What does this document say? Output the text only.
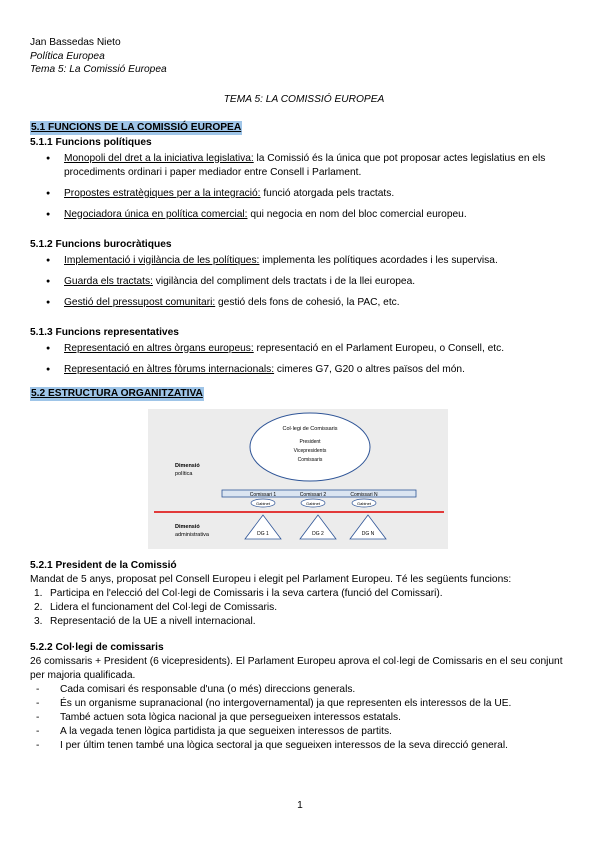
Jan Bassedas Nieto
Política Europea
Tema 5: La Comissió Europea
TEMA 5: LA COMISSIÓ EUROPEA
5.1 FUNCIONS DE LA COMISSIÓ EUROPEA
5.1.1 Funcions polítiques
● Monopoli del dret a la iniciativa legislativa: la Comissió és la única que pot proposar actes legislatius en els procediments ordinari i paper mediador entre Consell i Parlament.
● Propostes estratègiques per a la integració: funció atorgada pels tractats.
● Negociadora única en política comercial: qui negocia en nom del bloc comercial europeu.
5.1.2 Funcions burocràtiques
● Implementació i vigilància de les polítiques: implementa les polítiques acordades i les supervisa.
● Guarda els tractats: vigilància del compliment dels tractats i de la llei europea.
● Gestió del pressupost comunitari: gestió dels fons de cohesió, la PAC, etc.
5.1.3 Funcions representatives
● Representació en altres òrgans europeus: representació en el Parlament Europeu, o Consell, etc.
● Representació en àltres fòrums internacionals: cimeres G7, G20 o altres països del món.
5.2 ESTRUCTURA ORGANITZATIVA
Col·legi de Comissaris
President
Vicepresidents
Comissaris
Dimensió
política
Comissari 1	Comissari 2	Comissari N
Gabinet	Gabinet	Gabinet
Dimensió
administrativa	DG 1	DG 2	DG N
5.2.1 President de la Comissió
Mandat de 5 anys, proposat pel Consell Europeu i elegit pel Parlament Europeu. Té les següents funcions:
1. Participa en l'elecció del Col·legi de Comissaris i la seva cartera (funció del Comissari).
2. Lidera el funcionament del Col·legi de Comissaris.
3. Representació de la UE a nivell internacional.
5.2.2 Col·legi de comissaris
26 comissaris + President (6 vicepresidents). El Parlament Europeu aprova el col·legi de Comissaris en el seu conjunt per majoria qualificada.
- Cada comisari és responsable d'una (o més) direccions generals.
- És un organisme supranacional (no intergovernamental) ja que representen els interessos de la UE.
- També actuen sota lògica nacional ja que persegueixen interessos estatals.
- A la vegada tenen lògica partidista ja que segueixen interessos de partits.
- I per últim tenen també una lògica sectoral ja que segueixen interessos de la seva direcció general.
1
